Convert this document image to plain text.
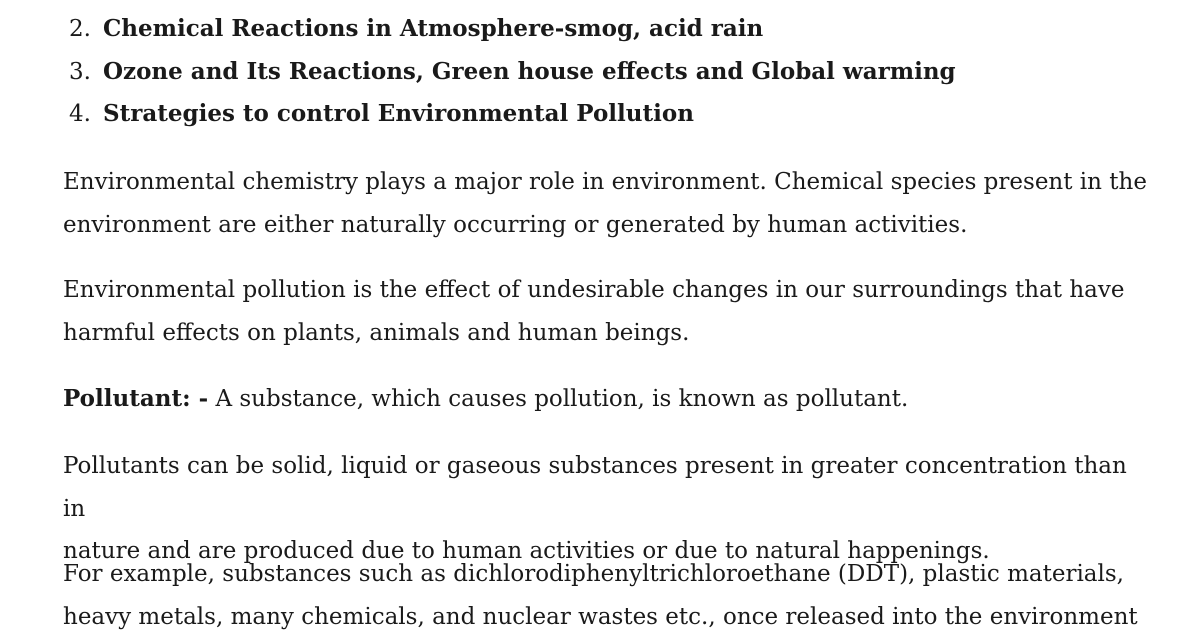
2. Chemical Reactions in Atmosphere-smog, acid rain
3. Ozone and Its Reactions, Green house effects and Global warming
4. Strategies to control Environmental Pollution
Environmental chemistry plays a major role in environment. Chemical species present in the
environment are either naturally occurring or generated by human activities.
Environmental pollution is the effect of undesirable changes in our surroundings that have
harmful effects on plants, animals and human beings.
Pollutant: - A substance, which causes pollution, is known as pollutant.
Pollutants can be solid, liquid or gaseous substances present in greater concentration than in
nature and are produced due to human activities or due to natural happenings.
For example, substances such as dichlorodiphenyltrichloroethane (DDT), plastic materials,
heavy metals, many chemicals, and nuclear wastes etc., once released into the environment
